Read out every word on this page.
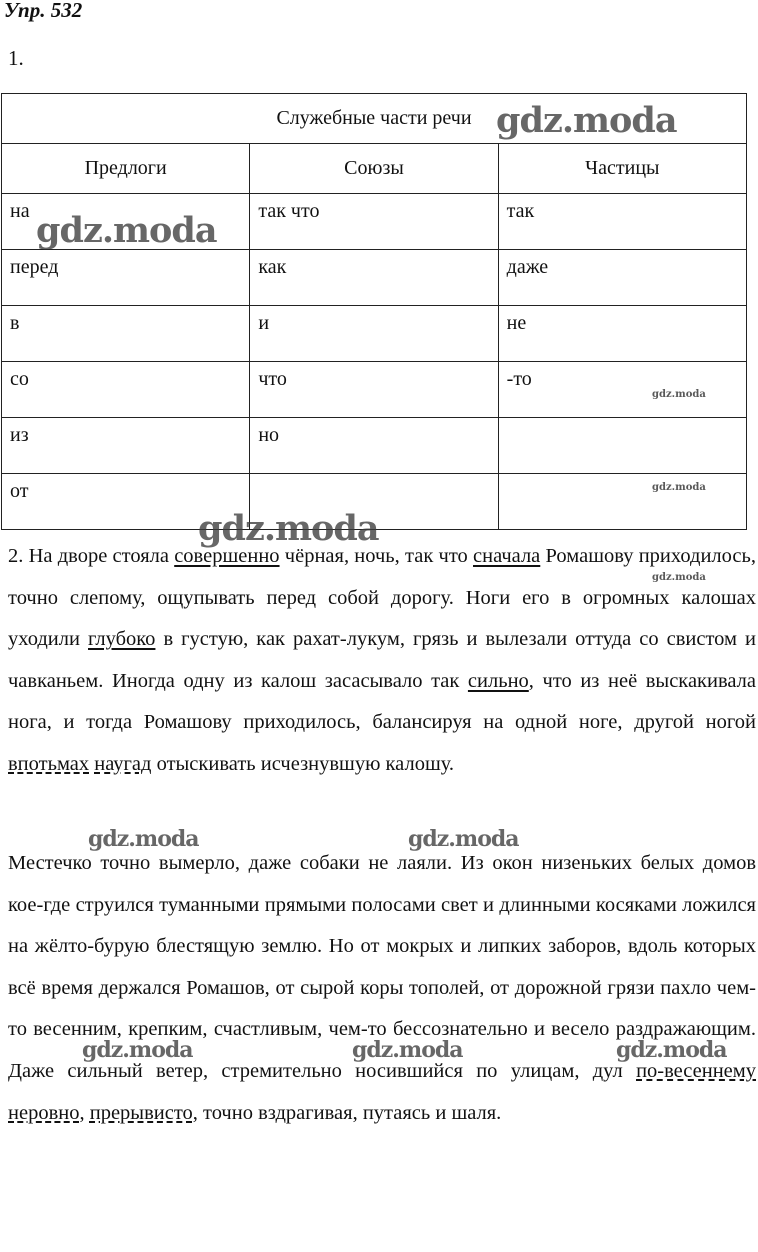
Упр. 532
1.
Служебные части речи		
Предлоги	Союзы	Частицы
на	так что	так
перед	как	даже
в	и	не
со	что	-то
из	но	
от		

2. На дворе стояла совершенно чёрная, ночь, так что сначала Ромашову приходилось, точно слепому, ощупывать перед собой дорогу. Ноги его в огромных калошах уходили глубоко в густую, как рахат-лукум, грязь и вылезали оттуда со свистом и чавканьем. Иногда одну из калош засасывало так сильно, что из неё выскакивала нога, и тогда Ромашову приходилось, балансируя на одной ноге, другой ногой впотьмах наугад отыскивать исчезнувшую калошу.

Местечко точно вымерло, даже собаки не лаяли. Из окон низеньких белых домов кое-где струился туманными прямыми полосами свет и длинными косяками ложился на жёлто-бурую блестящую землю. Но от мокрых и липких заборов, вдоль которых всё время держался Ромашов, от сырой коры тополей, от дорожной грязи пахло чем-то весенним, крепким, счастливым, чем-то бессознательно и весело раздражающим. Даже сильный ветер, стремительно носившийся по улицам, дул по-весеннему неровно, прерывисто, точно вздрагивая, путаясь и шаля.

gdz.moda
gdz.moda
gdz.moda
gdz.moda
gdz.moda
gdz.moda
gdz.moda	gdz.moda
gdz.moda	gdz.moda	gdz.moda
